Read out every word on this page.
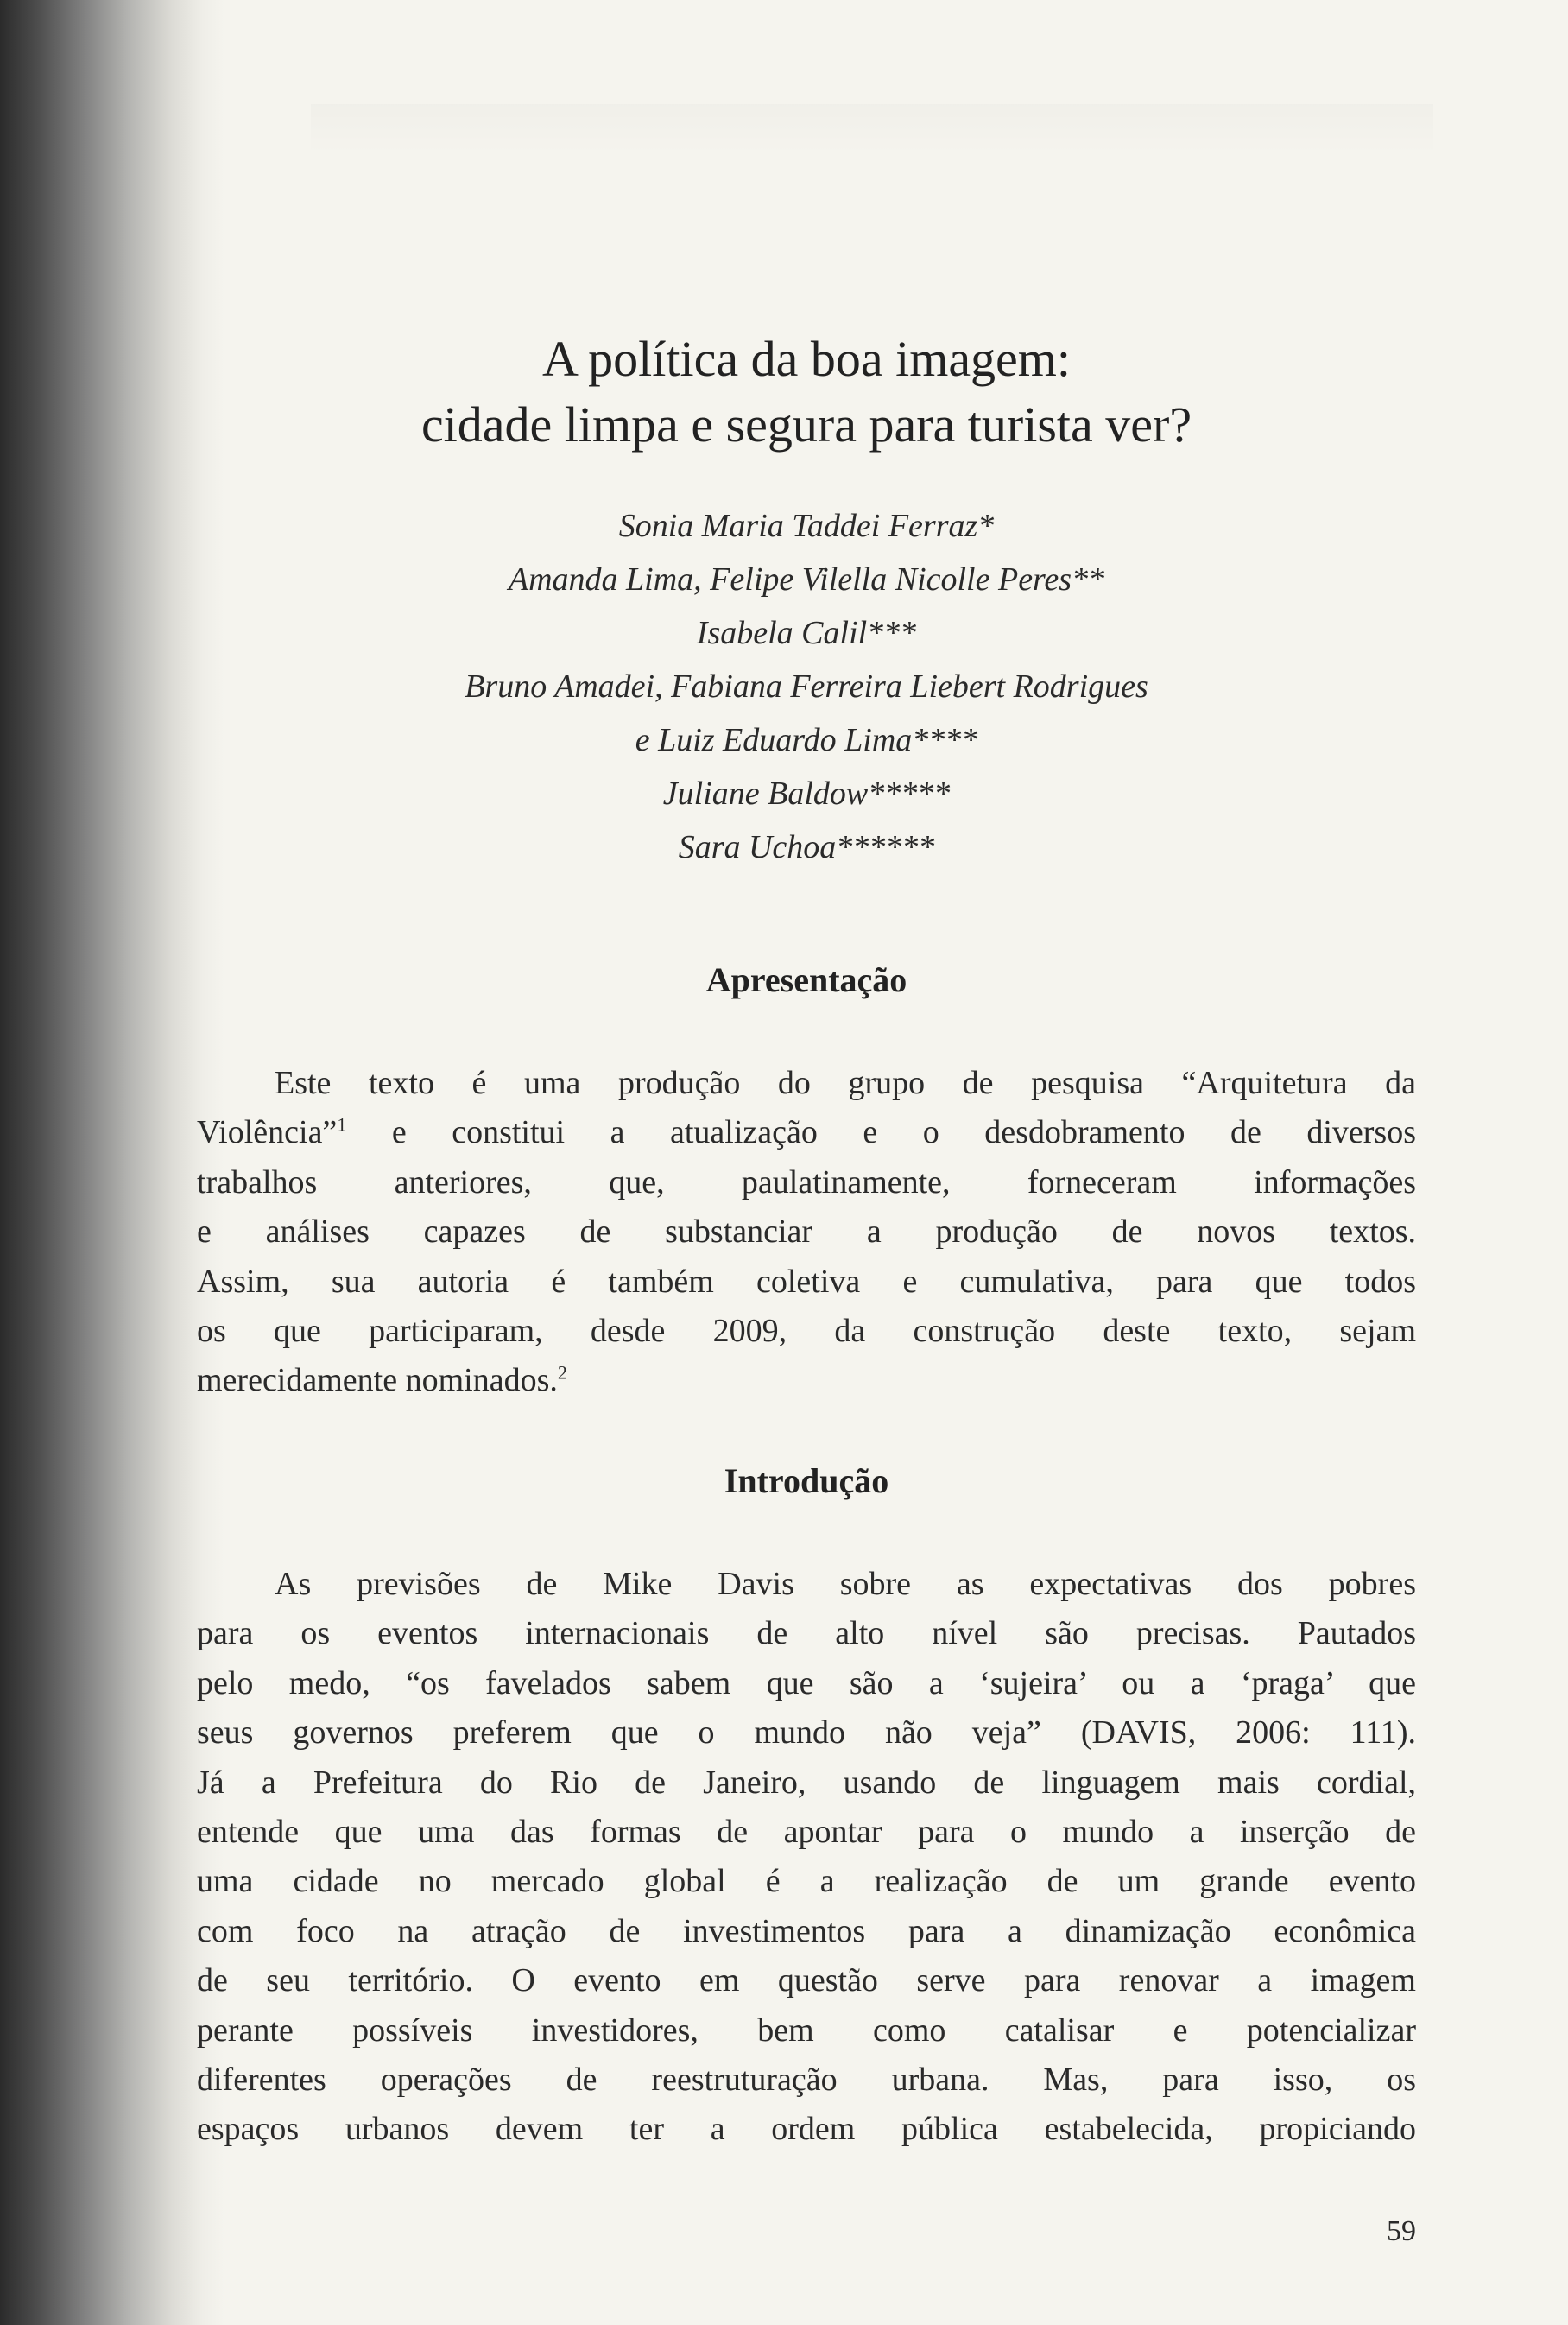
A política da boa imagem:
cidade limpa e segura para turista ver?
Sonia Maria Taddei Ferraz*
Amanda Lima, Felipe Vilella Nicolle Peres**
Isabela Calil***
Bruno Amadei, Fabiana Ferreira Liebert Rodrigues
e Luiz Eduardo Lima****
Juliane Baldow*****
Sara Uchoa******
Apresentação
Este texto é uma produção do grupo de pesquisa “Arquitetura da
Violência”$^1$ e constitui a atualização e o desdobramento de diversos
trabalhos anteriores, que, paulatinamente, forneceram informações
e análises capazes de substanciar a produção de novos textos.
Assim, sua autoria é também coletiva e cumulativa, para que todos
os que participaram, desde 2009, da construção deste texto, sejam
merecidamente nominados.$^2$
Introdução
As previsões de Mike Davis sobre as expectativas dos pobres
para os eventos internacionais de alto nível são precisas. Pautados
pelo medo, “os favelados sabem que são a ‘sujeira’ ou a ‘praga’ que
seus governos preferem que o mundo não veja” (DAVIS, 2006: 111).
Já a Prefeitura do Rio de Janeiro, usando de linguagem mais cordial,
entende que uma das formas de apontar para o mundo a inserção de
uma cidade no mercado global é a realização de um grande evento
com foco na atração de investimentos para a dinamização econômica
de seu território. O evento em questão serve para renovar a imagem
perante possíveis investidores, bem como catalisar e potencializar
diferentes operações de reestruturação urbana. Mas, para isso, os
espaços urbanos devem ter a ordem pública estabelecida, propiciando
59
